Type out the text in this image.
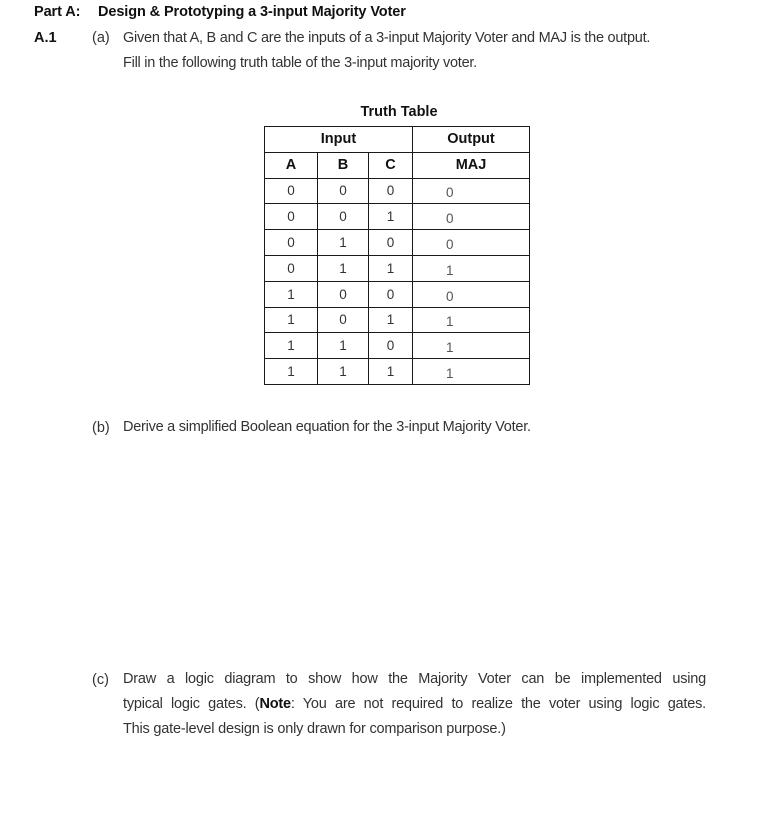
Part A: Design & Prototyping a 3-input Majority Voter
A.1 (a) Given that A, B and C are the inputs of a 3-input Majority Voter and MAJ is the output.
Fill in the following truth table of the 3-input majority voter.
Truth Table
Input			Output
A	B	C	MAJ
0	0	0	0
0	0	1	0
0	1	0	0
0	1	1	1
1	0	0	0
1	0	1	1
1	1	0	1
1	1	1	1
(b) Derive a simplified Boolean equation for the 3-input Majority Voter.
(c) Draw a logic diagram to show how the Majority Voter can be implemented using
typical logic gates. (Note: You are not required to realize the voter using logic gates.
This gate-level design is only drawn for comparison purpose.)
